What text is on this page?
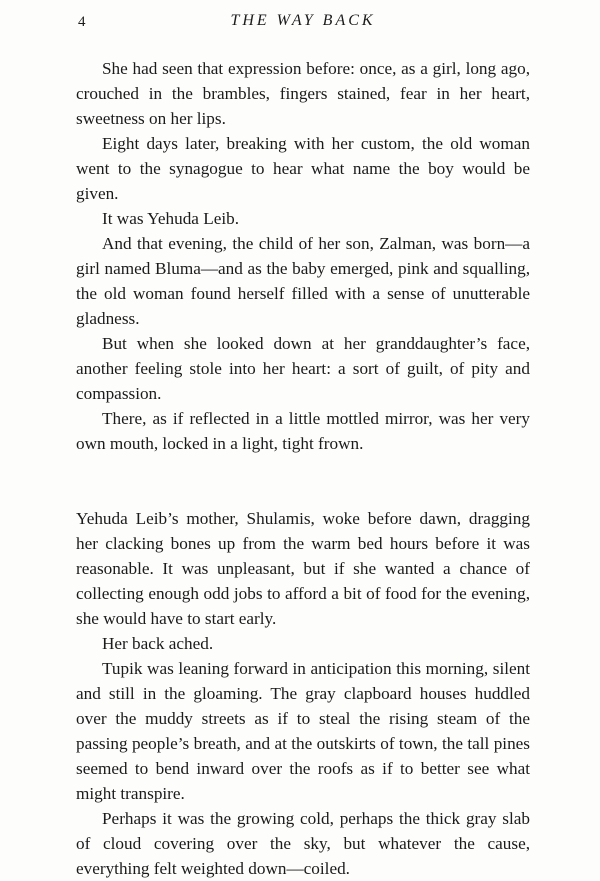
4	THE WAY BACK

She had seen that expression before: once, as a girl, long ago, crouched in the brambles, fingers stained, fear in her heart, sweetness on her lips.

Eight days later, breaking with her custom, the old woman went to the synagogue to hear what name the boy would be given.

It was Yehuda Leib.

And that evening, the child of her son, Zalman, was born—a girl named Bluma—and as the baby emerged, pink and squalling, the old woman found herself filled with a sense of unutterable gladness.

But when she looked down at her granddaughter’s face, another feeling stole into her heart: a sort of guilt, of pity and compassion.

There, as if reflected in a little mottled mirror, was her very own mouth, locked in a light, tight frown.

Yehuda Leib’s mother, Shulamis, woke before dawn, dragging her clacking bones up from the warm bed hours before it was reasonable. It was unpleasant, but if she wanted a chance of collecting enough odd jobs to afford a bit of food for the evening, she would have to start early.

Her back ached.

Tupik was leaning forward in anticipation this morning, silent and still in the gloaming. The gray clapboard houses huddled over the muddy streets as if to steal the rising steam of the passing people’s breath, and at the outskirts of town, the tall pines seemed to bend inward over the roofs as if to better see what might transpire.

Perhaps it was the growing cold, perhaps the thick gray slab of cloud covering over the sky, but whatever the cause, everything felt weighted down—coiled.
